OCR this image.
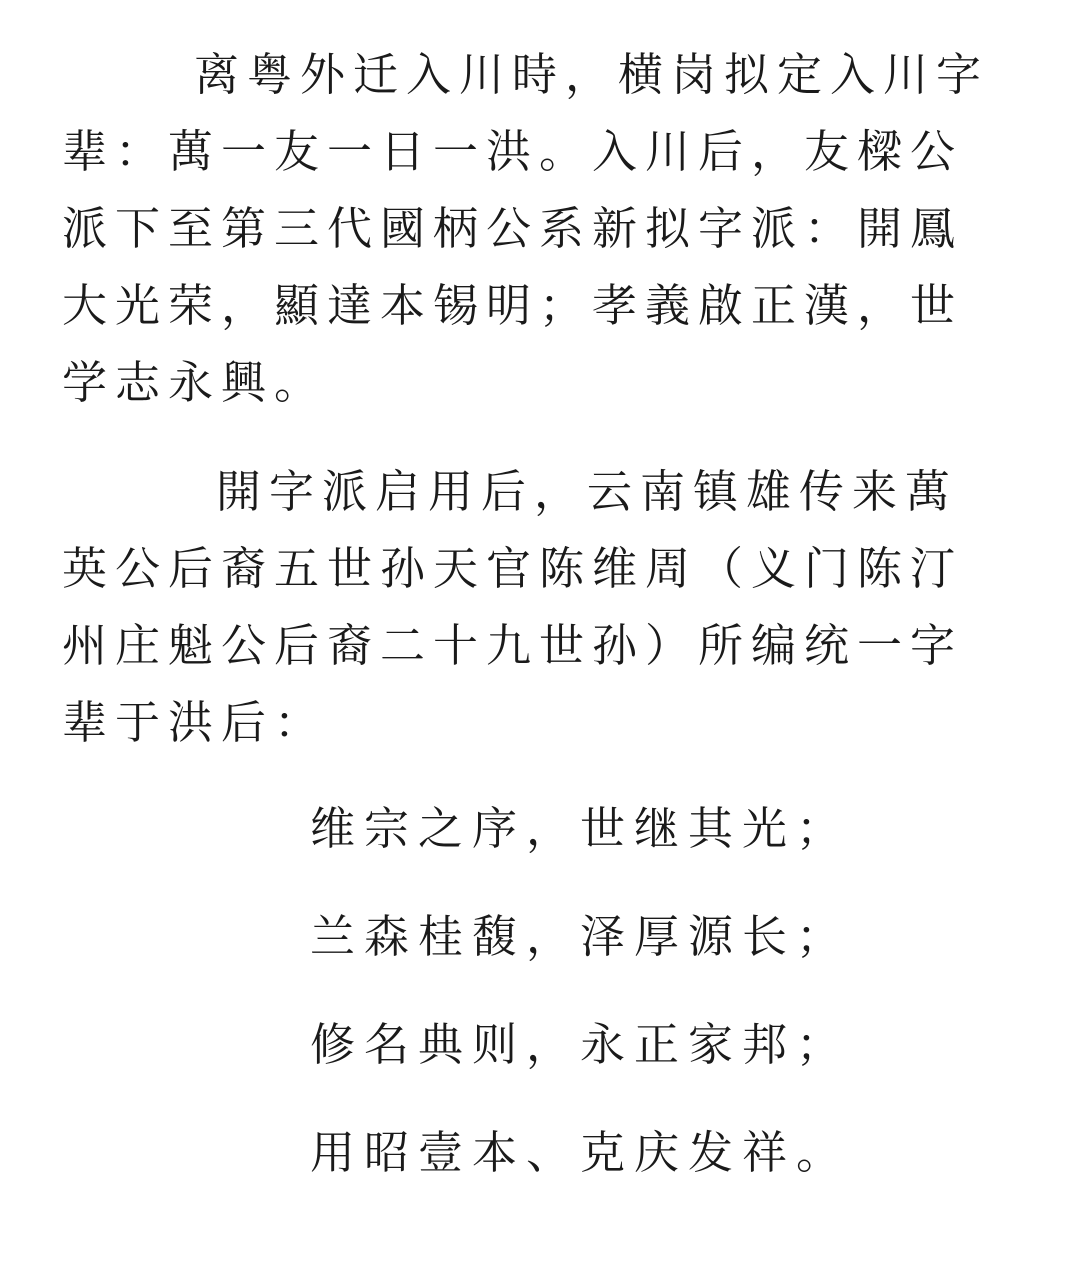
离粤外迁入川時，横岗拟定入川字
辈：萬一友一日一洪。入川后，友樑公
派下至第三代國柄公系新拟字派：開鳳
大光荣，顯達本锡明；孝義啟正漢，世
学志永興。
開字派启用后，云南镇雄传来萬
英公后裔五世孙天官陈维周（义门陈汀
州庄魁公后裔二十九世孙）所编统一字
辈于洪后：
维宗之序，世继其光；
兰森桂馥，泽厚源长；
修名典则，永正家邦；
用昭壹本、克庆发祥。
